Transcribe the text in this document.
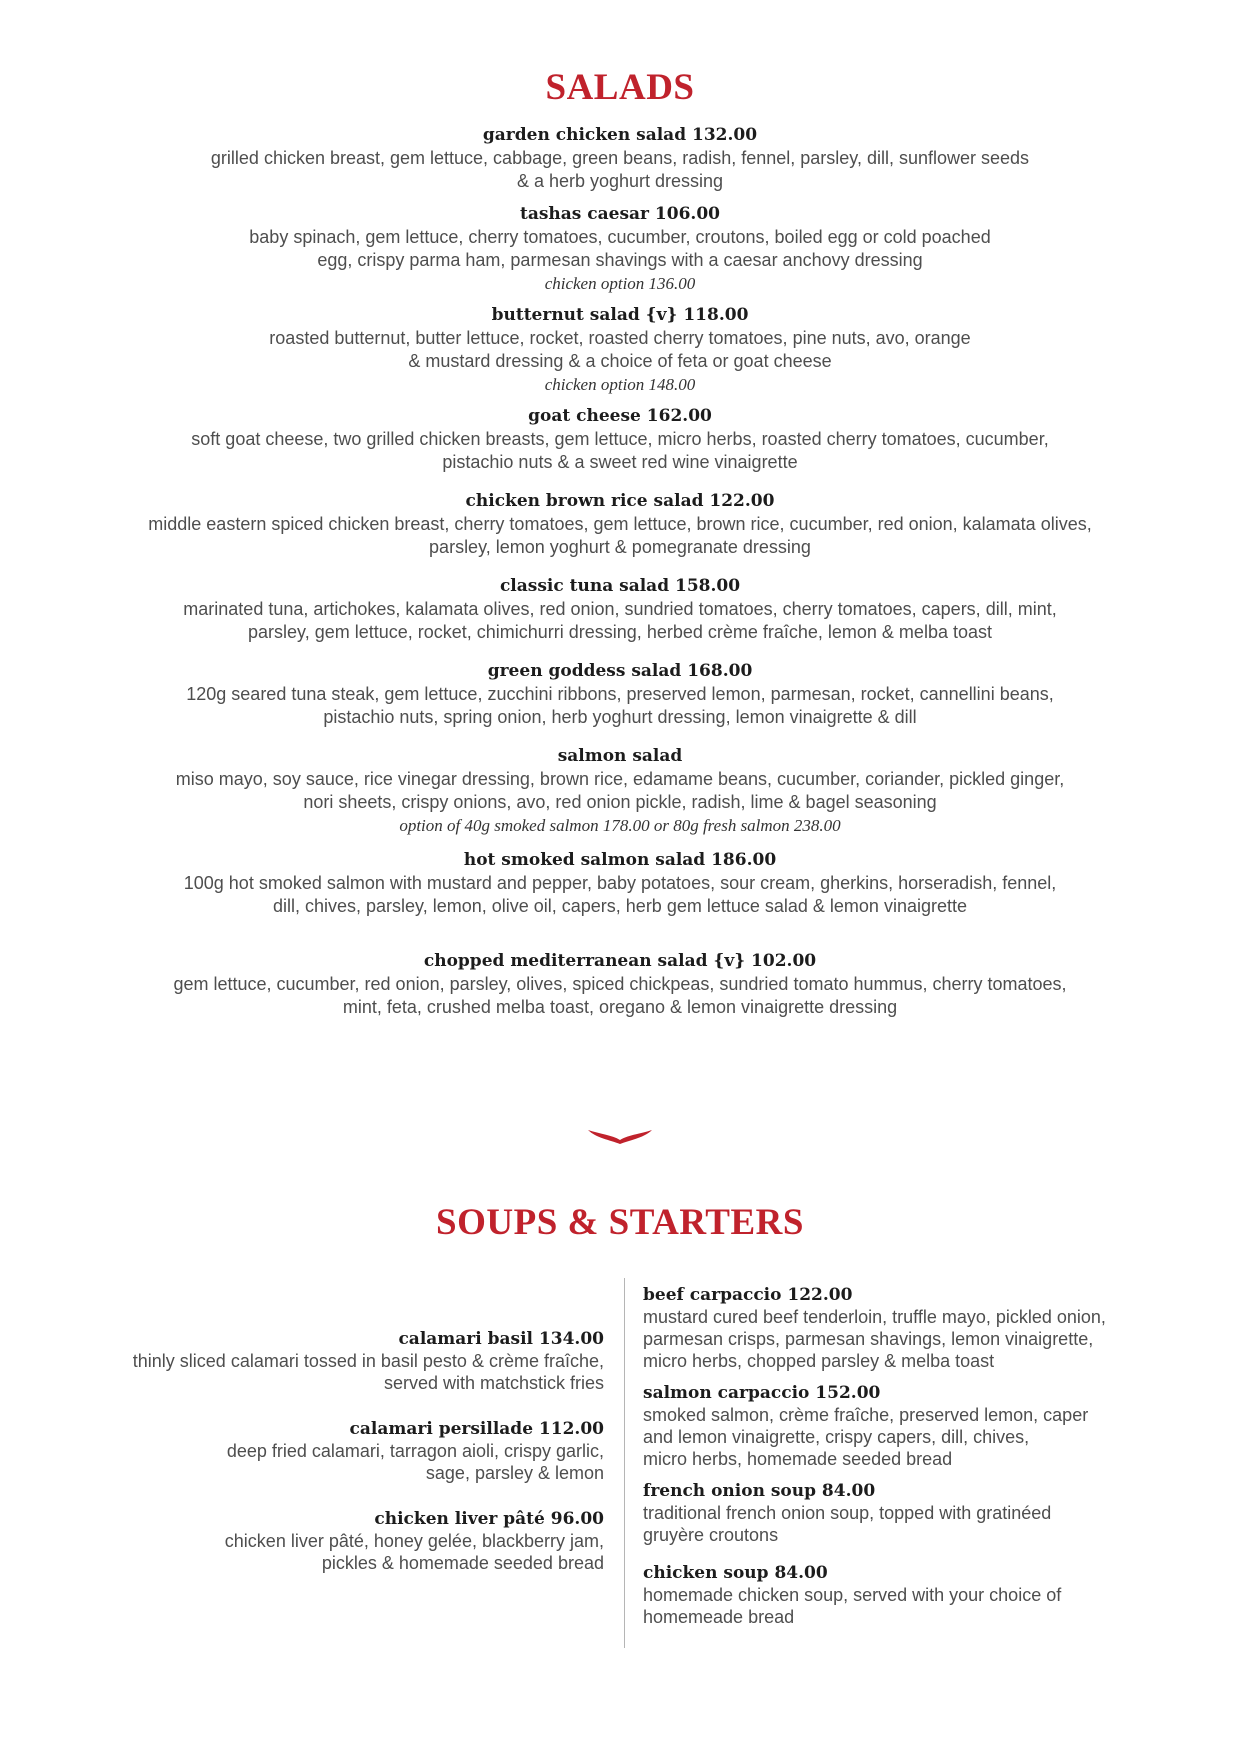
SALADS
garden chicken salad 132.00
grilled chicken breast, gem lettuce, cabbage, green beans, radish, fennel, parsley, dill, sunflower seeds
& a herb yoghurt dressing
tashas caesar 106.00
baby spinach, gem lettuce, cherry tomatoes, cucumber, croutons, boiled egg or cold poached
egg, crispy parma ham, parmesan shavings with a caesar anchovy dressing
chicken option 136.00
butternut salad {v} 118.00
roasted butternut, butter lettuce, rocket, roasted cherry tomatoes, pine nuts, avo, orange
& mustard dressing & a choice of feta or goat cheese
chicken option 148.00
goat cheese 162.00
soft goat cheese, two grilled chicken breasts, gem lettuce, micro herbs, roasted cherry tomatoes, cucumber,
pistachio nuts & a sweet red wine vinaigrette
chicken brown rice salad 122.00
middle eastern spiced chicken breast, cherry tomatoes, gem lettuce, brown rice, cucumber, red onion, kalamata olives,
parsley, lemon yoghurt & pomegranate dressing
classic tuna salad 158.00
marinated tuna, artichokes, kalamata olives, red onion, sundried tomatoes, cherry tomatoes, capers, dill, mint,
parsley, gem lettuce, rocket, chimichurri dressing, herbed crème fraîche, lemon & melba toast
green goddess salad 168.00
120g seared tuna steak, gem lettuce, zucchini ribbons, preserved lemon, parmesan, rocket, cannellini beans,
pistachio nuts, spring onion, herb yoghurt dressing, lemon vinaigrette & dill
salmon salad
miso mayo, soy sauce, rice vinegar dressing, brown rice, edamame beans, cucumber, coriander, pickled ginger,
nori sheets, crispy onions, avo, red onion pickle, radish, lime & bagel seasoning
option of 40g smoked salmon 178.00 or 80g fresh salmon 238.00
hot smoked salmon salad 186.00
100g hot smoked salmon with mustard and pepper, baby potatoes, sour cream, gherkins, horseradish, fennel,
dill, chives, parsley, lemon, olive oil, capers, herb gem lettuce salad & lemon vinaigrette
chopped mediterranean salad {v} 102.00
gem lettuce, cucumber, red onion, parsley, olives, spiced chickpeas, sundried tomato hummus, cherry tomatoes,
mint, feta, crushed melba toast, oregano & lemon vinaigrette dressing
SOUPS & STARTERS
calamari basil 134.00
thinly sliced calamari tossed in basil pesto & crème fraîche,
served with matchstick fries
calamari persillade 112.00
deep fried calamari, tarragon aioli, crispy garlic,
sage, parsley & lemon
chicken liver pâté 96.00
chicken liver pâté, honey gelée, blackberry jam,
pickles & homemade seeded bread
beef carpaccio 122.00
mustard cured beef tenderloin, truffle mayo, pickled onion,
parmesan crisps, parmesan shavings, lemon vinaigrette,
micro herbs, chopped parsley & melba toast
salmon carpaccio 152.00
smoked salmon, crème fraîche, preserved lemon, caper
and lemon vinaigrette, crispy capers, dill, chives,
micro herbs, homemade seeded bread
french onion soup 84.00
traditional french onion soup, topped with gratinéed
gruyère croutons
chicken soup 84.00
homemade chicken soup, served with your choice of
homemeade bread
